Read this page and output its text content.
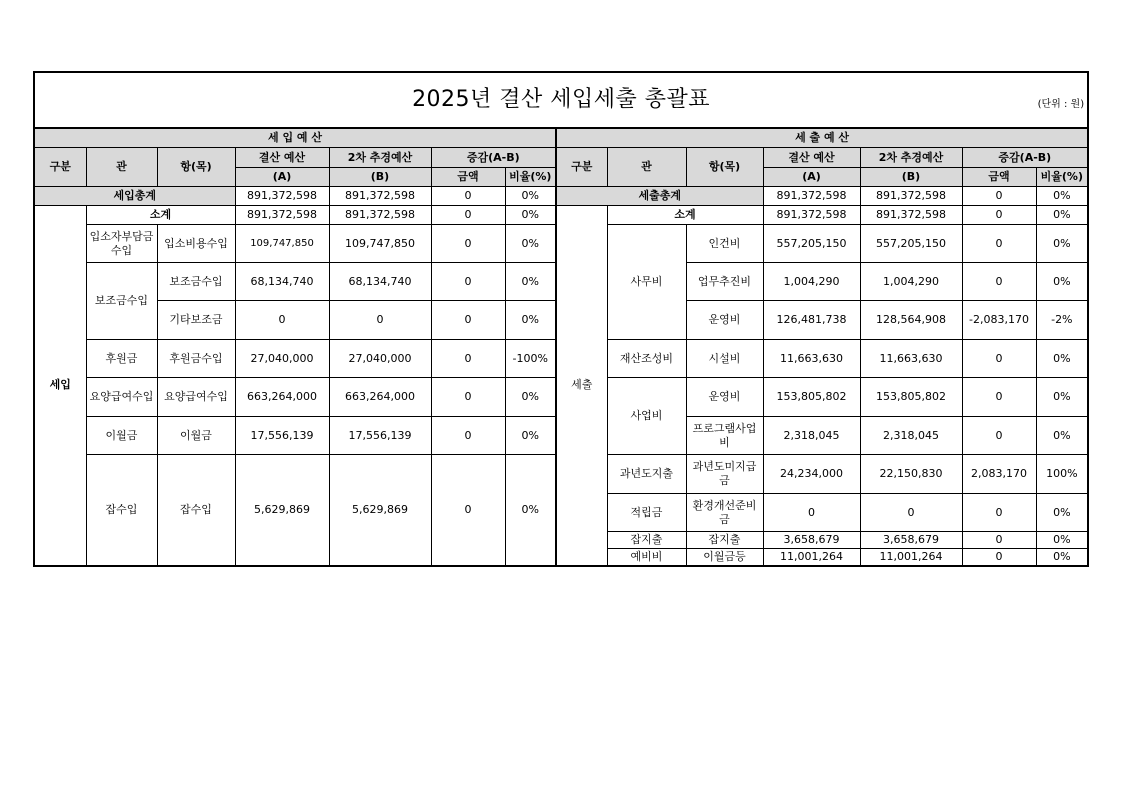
2025년 결산 세입세출 총괄표 (단위 : 원)													

세 입 예 산							세 출 예 산						
구분	관	항(목)	결산 예산	2차 추경예산	증감(A-B)		구분	관	항(목)	결산 예산	2차 추경예산	증감(A-B)	
			(A)	(B)	금액	비율(%)				(A)	(B)	금액	비율(%)
세입총계			891,372,598	891,372,598	0	0%	세출총계			891,372,598	891,372,598	0	0%
세입	소계		891,372,598	891,372,598	0	0%	세출	소계		891,372,598	891,372,598	0	0%
	입소자부담금수입	입소비용수입	109,747,850	109,747,850	0	0%		사무비	인건비	557,205,150	557,205,150	0	0%
	보조금수입	보조금수입	68,134,740	68,134,740	0	0%			업무추진비	1,004,290	1,004,290	0	0%
		기타보조금	0	0	0	0%			운영비	126,481,738	128,564,908	-2,083,170	-2%
	후원금	후원금수입	27,040,000	27,040,000	0	-100%		재산조성비	시설비	11,663,630	11,663,630	0	0%
	요양급여수입	요양급여수입	663,264,000	663,264,000	0	0%		사업비	운영비	153,805,802	153,805,802	0	0%
	이월금	이월금	17,556,139	17,556,139	0	0%			프로그램사업비	2,318,045	2,318,045	0	0%
	잡수입	잡수입	5,629,869	5,629,869	0	0%		과년도지출	과년도미지급금	24,234,000	22,150,830	2,083,170	100%
								적립금	환경개선준비금	0	0	0	0%
								잡지출	잡지출	3,658,679	3,658,679	0	0%
								예비비	이월금등	11,001,264	11,001,264	0	0%
